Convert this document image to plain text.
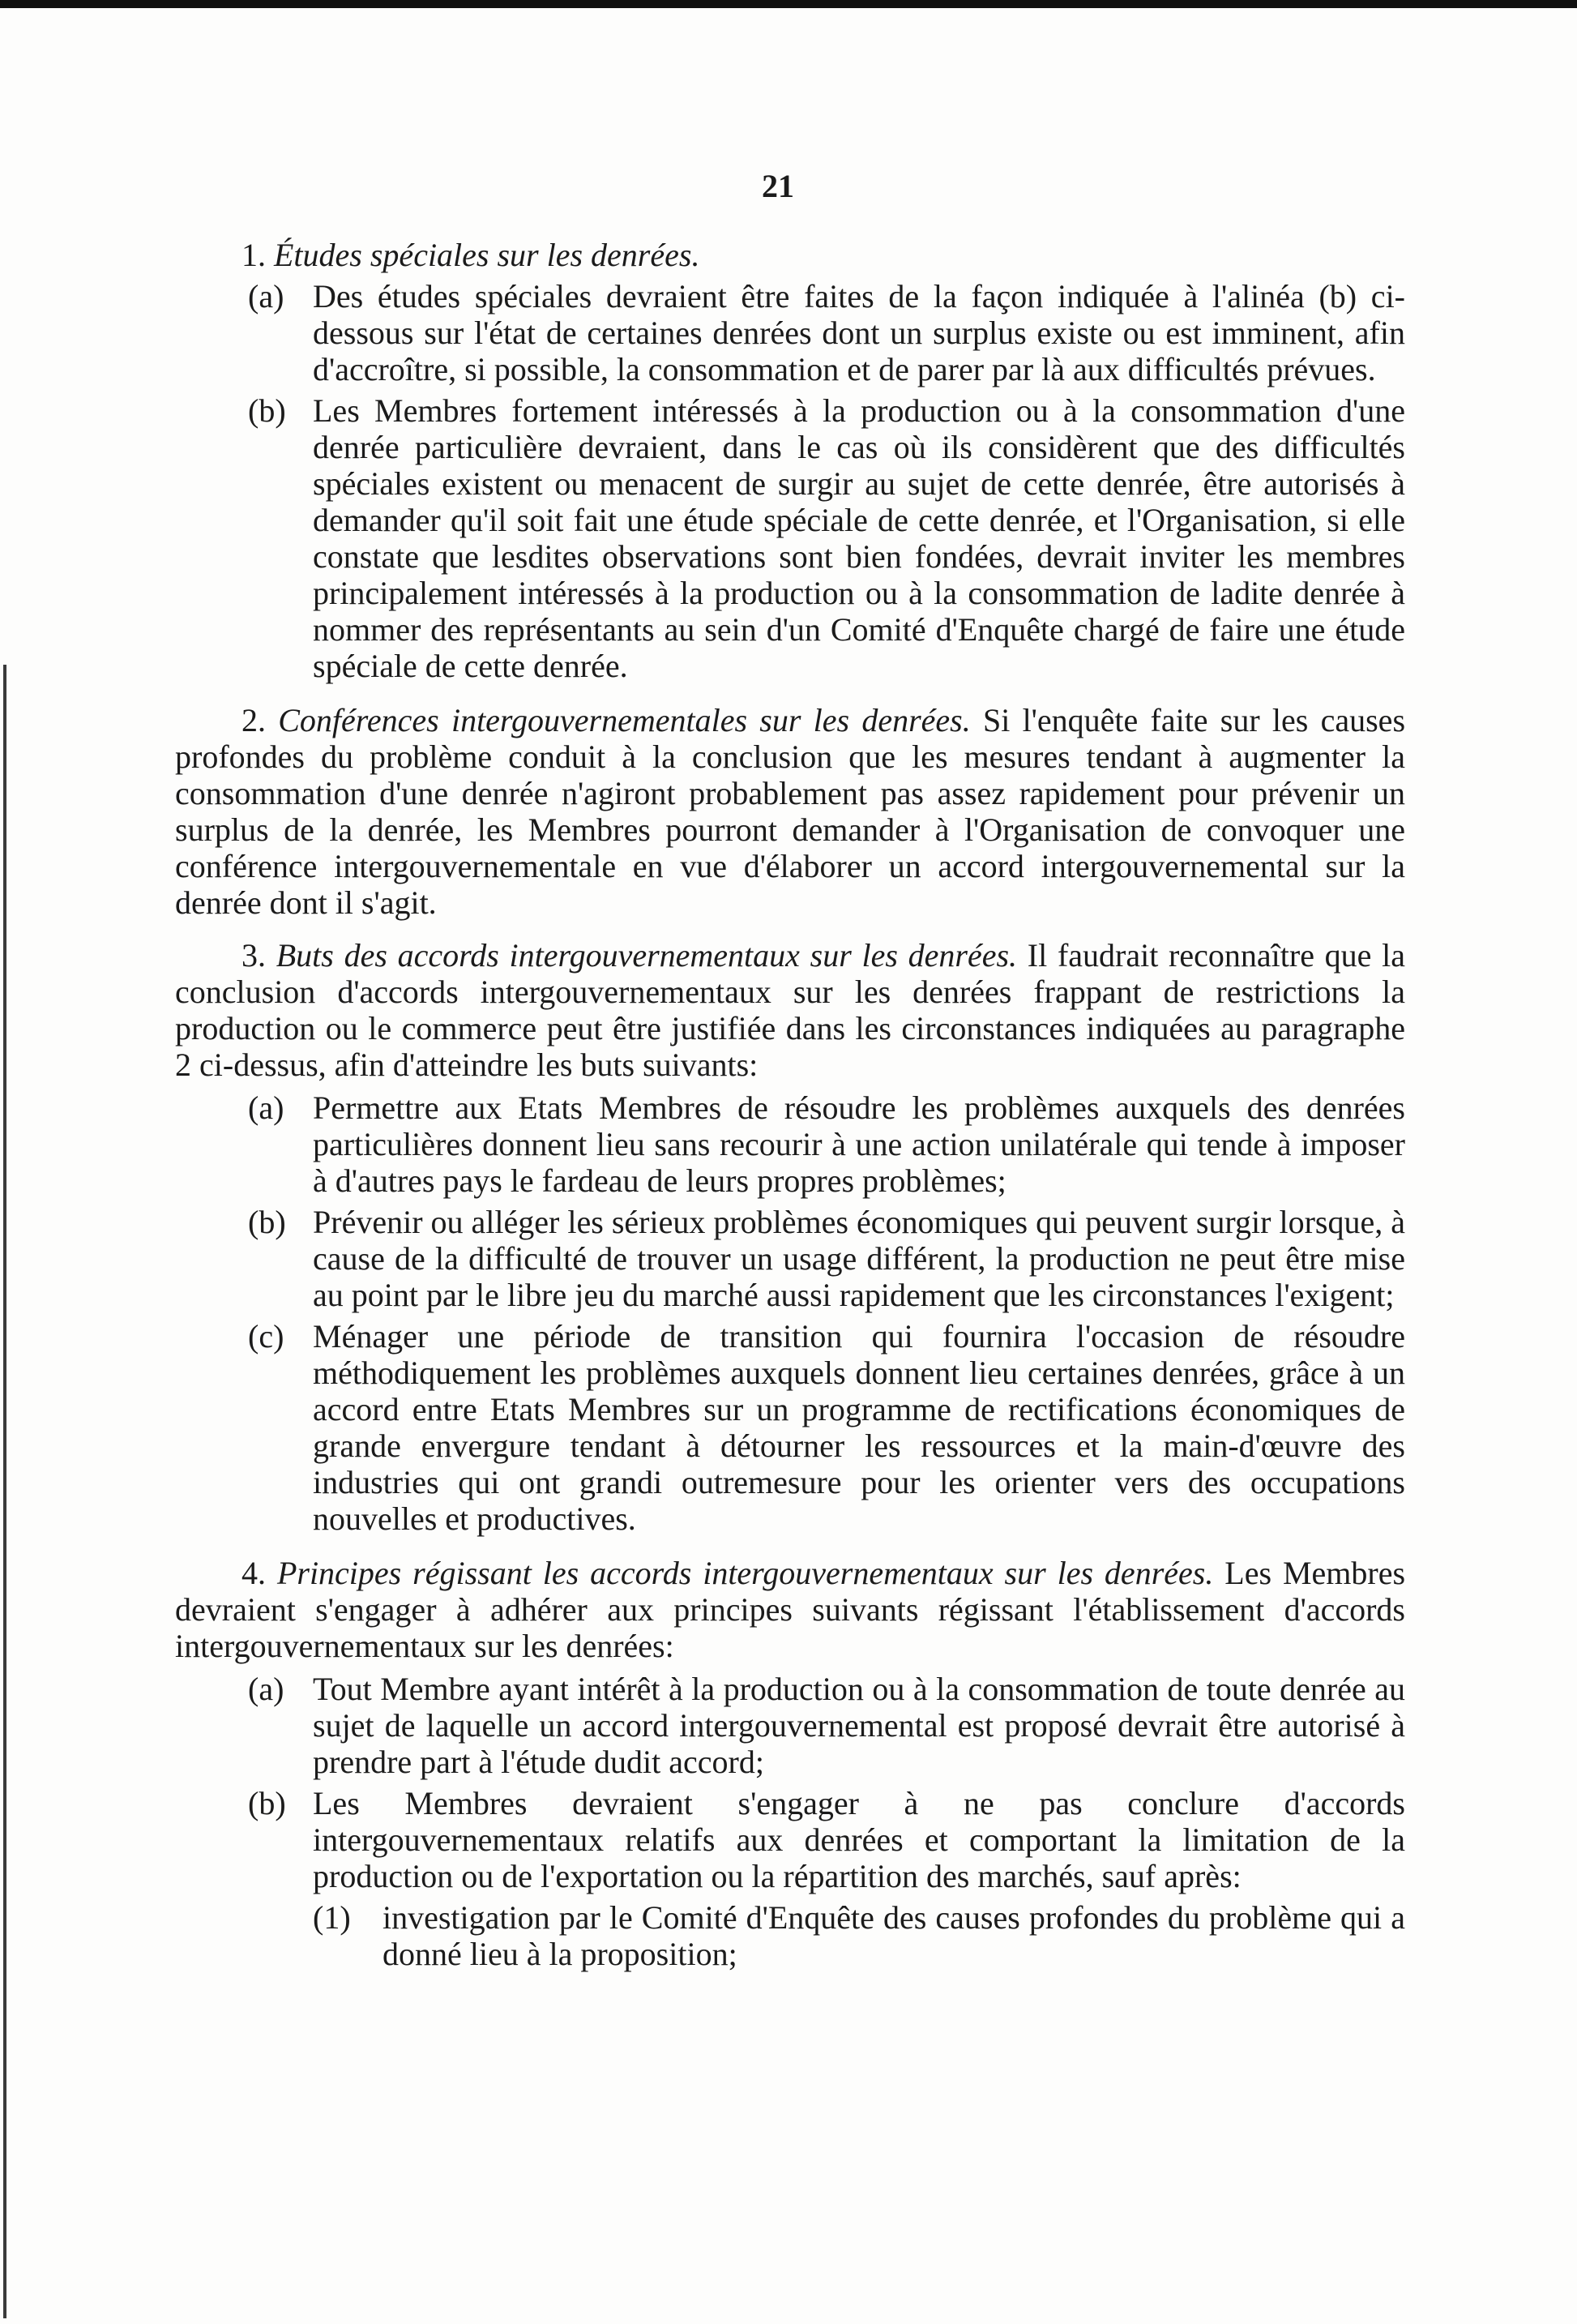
21
1. Études spéciales sur les denrées.
(a) Des études spéciales devraient être faites de la façon indiquée à l'alinéa (b) ci-dessous sur l'état de certaines denrées dont un surplus existe ou est imminent, afin d'accroître, si possible, la consommation et de parer par là aux difficultés prévues.
(b) Les Membres fortement intéressés à la production ou à la consommation d'une denrée particulière devraient, dans le cas où ils considèrent que des difficultés spéciales existent ou menacent de surgir au sujet de cette denrée, être autorisés à demander qu'il soit fait une étude spéciale de cette denrée, et l'Organisation, si elle constate que lesdites observations sont bien fondées, devrait inviter les membres principalement intéressés à la production ou à la consommation de ladite denrée à nommer des représentants au sein d'un Comité d'Enquête chargé de faire une étude spéciale de cette denrée.

2. Conférences intergouvernementales sur les denrées. Si l'enquête faite sur les causes profondes du problème conduit à la conclusion que les mesures tendant à augmenter la consommation d'une denrée n'agiront probablement pas assez rapidement pour prévenir un surplus de la denrée, les Membres pourront demander à l'Organisation de convoquer une conférence intergouvernementale en vue d'élaborer un accord intergouvernemental sur la denrée dont il s'agit.

3. Buts des accords intergouvernementaux sur les denrées. Il faudrait reconnaître que la conclusion d'accords intergouvernementaux sur les denrées frappant de restrictions la production ou le commerce peut être justifiée dans les circonstances indiquées au paragraphe 2 ci-dessus, afin d'atteindre les buts suivants:

(a) Permettre aux Etats Membres de résoudre les problèmes auxquels des denrées particulières donnent lieu sans recourir à une action unilatérale qui tende à imposer à d'autres pays le fardeau de leurs propres problèmes;
(b) Prévenir ou alléger les sérieux problèmes économiques qui peuvent surgir lorsque, à cause de la difficulté de trouver un usage différent, la production ne peut être mise au point par le libre jeu du marché aussi rapidement que les circonstances l'exigent;
(c) Ménager une période de transition qui fournira l'occasion de résoudre méthodiquement les problèmes auxquels donnent lieu certaines denrées, grâce à un accord entre Etats Membres sur un programme de rectifications économiques de grande envergure tendant à détourner les ressources et la main-d'œuvre des industries qui ont grandi outremesure pour les orienter vers des occupations nouvelles et productives.

4. Principes régissant les accords intergouvernementaux sur les denrées. Les Membres devraient s'engager à adhérer aux principes suivants régissant l'établissement d'accords intergouvernementaux sur les denrées:

(a) Tout Membre ayant intérêt à la production ou à la consommation de toute denrée au sujet de laquelle un accord intergouvernemental est proposé devrait être autorisé à prendre part à l'étude dudit accord;
(b) Les Membres devraient s'engager à ne pas conclure d'accords intergouvernementaux relatifs aux denrées et comportant la limitation de la production ou de l'exportation ou la répartition des marchés, sauf après:
(1) investigation par le Comité d'Enquête des causes profondes du problème qui a donné lieu à la proposition;
